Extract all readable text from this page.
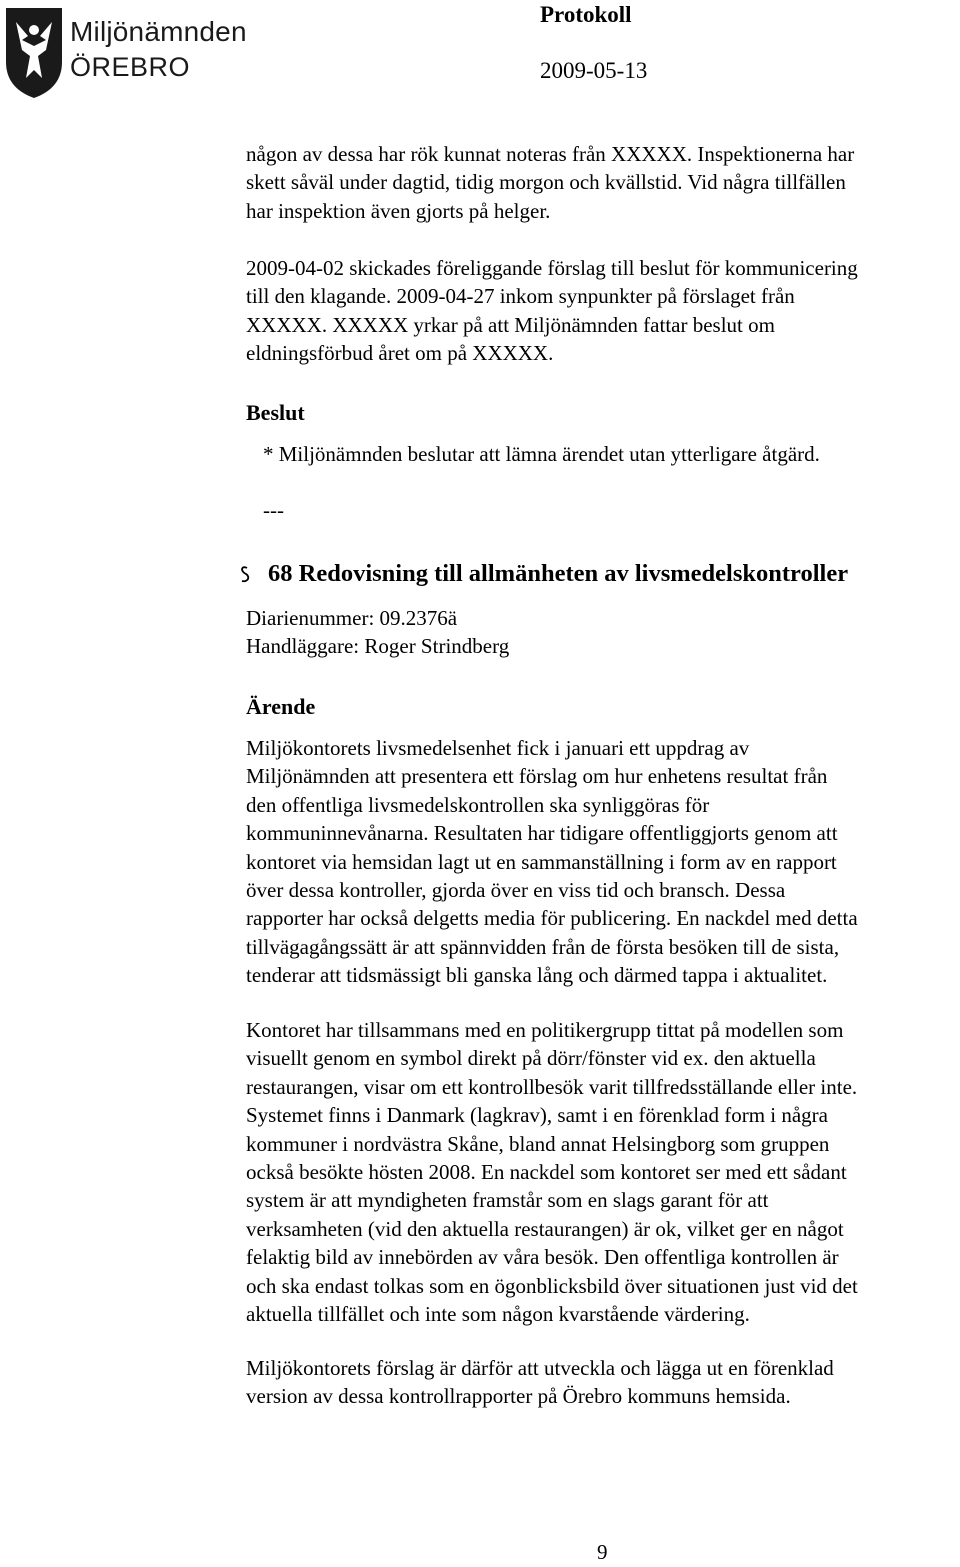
Miljönämnden
ÖREBRO
Protokoll
2009-05-13
någon av dessa har rök kunnat noteras från XXXXX. Inspektionerna har
skett såväl under dagtid, tidig morgon och kvällstid. Vid några tillfällen
har inspektion även gjorts på helger.
2009-04-02 skickades föreliggande förslag till beslut för kommunicering
till den klagande. 2009-04-27 inkom synpunkter på förslaget från
XXXXX. XXXXX yrkar på att Miljönämnden fattar beslut om
eldningsförbud året om på XXXXX.
Beslut
* Miljönämnden beslutar att lämna ärendet utan ytterligare åtgärd.
---
68 Redovisning till allmänheten av livsmedelskontroller
Diarienummer: 09.2376ä
Handläggare: Roger Strindberg
Ärende
Miljökontorets livsmedelsenhet fick i januari ett uppdrag av
Miljönämnden att presentera ett förslag om hur enhetens resultat från
den offentliga livsmedelskontrollen ska synliggöras för
kommuninnevånarna. Resultaten har tidigare offentliggjorts genom att
kontoret via hemsidan lagt ut en sammanställning i form av en rapport
över dessa kontroller, gjorda över en viss tid och bransch. Dessa
rapporter har också delgetts media för publicering. En nackdel med detta
tillvägagångssätt är att spännvidden från de första besöken till de sista,
tenderar att tidsmässigt bli ganska lång och därmed tappa i aktualitet.
Kontoret har tillsammans med en politikergrupp tittat på modellen som
visuellt genom en symbol direkt på dörr/fönster vid ex. den aktuella
restaurangen, visar om ett kontrollbesök varit tillfredsställande eller inte.
Systemet finns i Danmark (lagkrav), samt i en förenklad form i några
kommuner i nordvästra Skåne, bland annat Helsingborg som gruppen
också besökte hösten 2008. En nackdel som kontoret ser med ett sådant
system är att myndigheten framstår som en slags garant för att
verksamheten (vid den aktuella restaurangen) är ok, vilket ger en något
felaktig bild av innebörden av våra besök. Den offentliga kontrollen är
och ska endast tolkas som en ögonblicksbild över situationen just vid det
aktuella tillfället och inte som någon kvarstående värdering.
Miljökontorets förslag är därför att utveckla och lägga ut en förenklad
version av dessa kontrollrapporter på Örebro kommuns hemsida.
9
